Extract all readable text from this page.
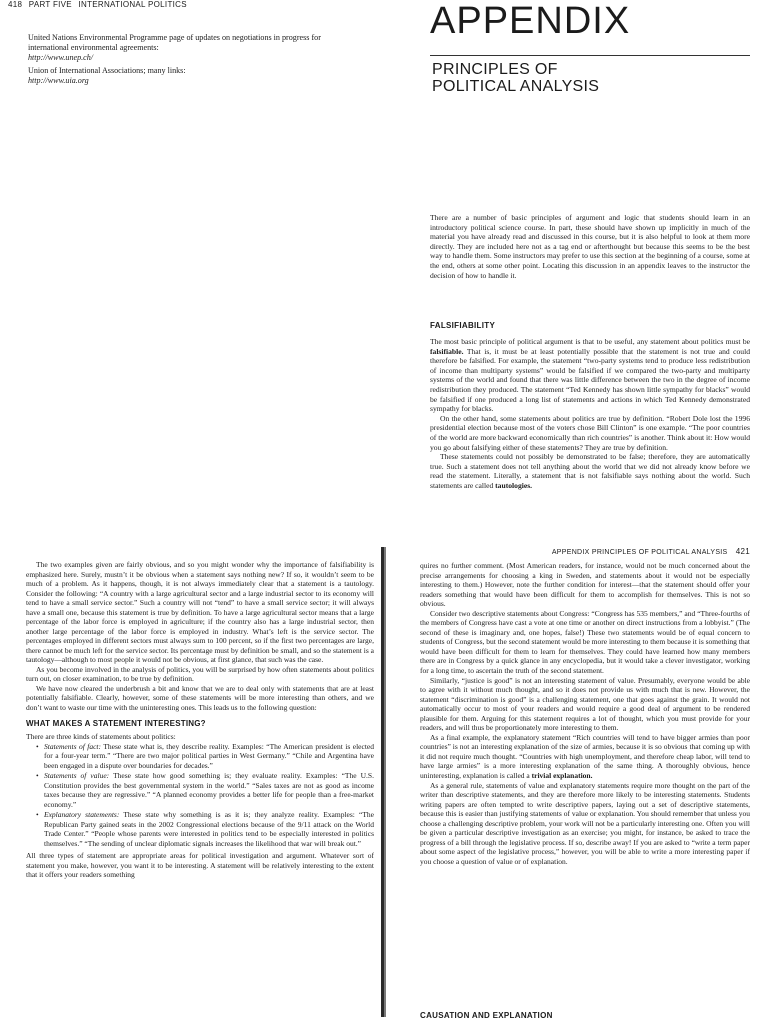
418 PART FIVE INTERNATIONAL POLITICS

United Nations Environmental Programme page of updates on negotiations in progress for international environmental agreements:

http://www.unep.ch/

Union of International Associations; many links:

http://www.uia.org

APPENDIX
PRINCIPLES OF
POLITICAL ANALYSIS

There are a number of basic principles of argument and logic that students should learn in an introductory political science course. In part, these should have shown up implicitly in much of the material you have already read and discussed in this course, but it is also helpful to look at them more directly. They are included here not as a tag end or afterthought but because this seems to be the best way to handle them. Some instructors may prefer to use this section at the beginning of a course, some at the end, others at some other point. Locating this discussion in an appendix leaves to the instructor the decision of how to handle it.

FALSIFIABILITY

The most basic principle of political argument is that to be useful, any statement about politics must be falsifiable. That is, it must be at least potentially possible that the statement is not true and could therefore be falsified. For example, the statement “two-party systems tend to produce less redistribution of income than multiparty systems” would be falsified if we compared the two-party and multiparty systems of the world and found that there was little difference between the two in the degree of income redistribution they produced. The statement “Ted Kennedy has shown little sympathy for blacks” would be falsified if one produced a long list of statements and actions in which Ted Kennedy demonstrated sympathy for blacks.

On the other hand, some statements about politics are true by definition. “Robert Dole lost the 1996 presidential election because most of the voters chose Bill Clinton” is one example. “The poor countries of the world are more backward economically than rich countries” is another. Think about it: How would you go about falsifying either of these statements? They are true by definition.

These statements could not possibly be demonstrated to be false; therefore, they are automatically true. Such a statement does not tell anything about the world that we did not already know before we read the statement. Literally, a statement that is not falsifiable says nothing about the world. Such statements are called tautologies.

The two examples given are fairly obvious, and so you might wonder why the importance of falsifiability is emphasized here. Surely, mustn’t it be obvious when a statement says nothing new? If so, it wouldn’t seem to be much of a problem. As it happens, though, it is not always immediately clear that a statement is a tautology. Consider the following: “A country with a large agricultural sector and a large industrial sector to its economy will tend to have a small service sector.” Such a country will not “tend” to have a small service sector; it will always have a small one, because this statement is true by definition. To have a large agricultural sector means that a large percentage of the labor force is employed in agriculture; if the country also has a large industrial sector, then another large percentage of the labor force is employed in industry. What’s left is the service sector. The percentages employed in different sectors must always sum to 100 percent, so if the first two percentages are large, there cannot be much left for the service sector. Its percentage must by definition be small, and so the statement is a tautology—although to most people it would not be obvious, at first glance, that such was the case.

As you become involved in the analysis of politics, you will be surprised by how often statements about politics turn out, on closer examination, to be true by definition.

We have now cleared the underbrush a bit and know that we are to deal only with statements that are at least potentially falsifiable. Clearly, however, some of these statements will be more interesting than others, and we don’t want to waste our time with the uninteresting ones. This leads us to the following question:

WHAT MAKES A STATEMENT INTERESTING?

There are three kinds of statements about politics:

• Statements of fact: These state what is, they describe reality. Examples: “The American president is elected for a four-year term.” “There are two major political parties in West Germany.” “Chile and Argentina have been engaged in a dispute over boundaries for decades.”
• Statements of value: These state how good something is; they evaluate reality. Examples: “The U.S. Constitution provides the best governmental system in the world.” “Sales taxes are not as good as income taxes because they are regressive.” “A planned economy provides a better life for people than a free-market economy.”
• Explanatory statements: These state why something is as it is; they analyze reality. Examples: “The Republican Party gained seats in the 2002 Congressional elections because of the 9/11 attack on the World Trade Center.” “People whose parents were interested in politics tend to be especially interested in politics themselves.” “The sending of unclear diplomatic signals increases the likelihood that war will break out.”

All three types of statement are appropriate areas for political investigation and argument. Whatever sort of statement you make, however, you want it to be interesting. A statement will be relatively interesting to the extent that it offers your readers something

APPENDIX PRINCIPLES OF POLITICAL ANALYSIS 421

quires no further comment. (Most American readers, for instance, would not be much concerned about the precise arrangements for choosing a king in Sweden, and statements about it would not be especially interesting to them.) However, note the further condition for interest—that the statement should offer your readers something that would have been difficult for them to accomplish for themselves. This is not so obvious.

Consider two descriptive statements about Congress: “Congress has 535 members,” and “Three-fourths of the members of Congress have cast a vote at one time or another on direct instructions from a lobbyist.” (The second of these is imaginary and, one hopes, false!) These two statements would be of equal concern to students of Congress, but the second statement would be more interesting to them because it is something that would have been difficult for them to learn for themselves. They could have learned how many members there are in Congress by a quick glance in any encyclopedia, but it would take a clever investigator, working for a long time, to ascertain the truth of the second statement.

Similarly, “justice is good” is not an interesting statement of value. Presumably, everyone would be able to agree with it without much thought, and so it does not provide us with much that is new. However, the statement “discrimination is good” is a challenging statement, one that goes against the grain. It would not automatically occur to most of your readers and would require a good deal of argument to be rendered plausible for them. Arguing for this statement requires a lot of thought, which you must provide for your readers, and will thus be proportionately more interesting to them.

As a final example, the explanatory statement “Rich countries will tend to have bigger armies than poor countries” is not an interesting explanation of the size of armies, because it is so obvious that coming up with it did not require much thought. “Countries with high unemployment, and therefore cheap labor, will tend to have large armies” is a more interesting explanation of the same thing. A thoroughly obvious, hence uninteresting, explanation is called a trivial explanation.

As a general rule, statements of value and explanatory statements require more thought on the part of the writer than descriptive statements, and they are therefore more likely to be interesting statements. Students writing papers are often tempted to write descriptive papers, laying out a set of descriptive statements, because this is easier than justifying statements of value or explanation. You should remember that unless you choose a challenging descriptive problem, your work will not be a particularly interesting one. Often you will be given a particular descriptive investigation as an exercise; you might, for instance, be asked to trace the progress of a bill through the legislative process. If so, describe away! If you are asked to “write a term paper about some aspect of the legislative process,” however, you will be able to write a more interesting paper if you choose a question of value or of explanation.

CAUSATION AND EXPLANATION
